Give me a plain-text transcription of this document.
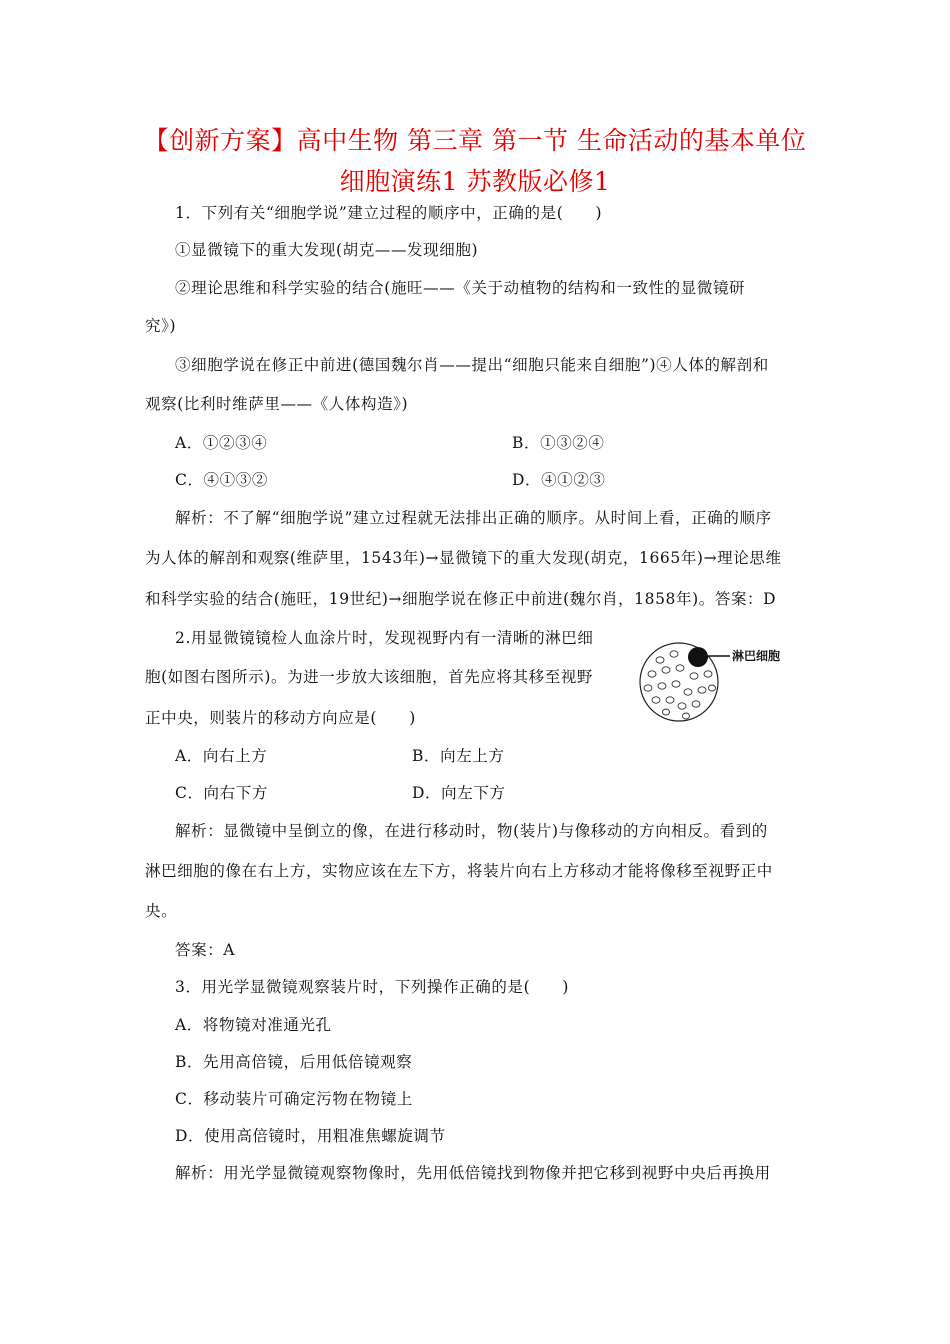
【创新方案】高中生物 第三章 第一节 生命活动的基本单位
细胞演练1 苏教版必修1
1．下列有关“细胞学说”建立过程的顺序中，正确的是(　　)
①显微镜下的重大发现(胡克——发现细胞)
②理论思维和科学实验的结合(施旺——《关于动植物的结构和一致性的显微镜研
究》)
③细胞学说在修正中前进(德国魏尔肖——提出“细胞只能来自细胞”)④人体的解剖和
观察(比利时维萨里——《人体构造》)
A．①②③④	B．①③②④
C．④①③②	D．④①②③
解析：不了解“细胞学说”建立过程就无法排出正确的顺序。从时间上看，正确的顺序
为人体的解剖和观察(维萨里，1543年)→显微镜下的重大发现(胡克，1665年)→理论思维
和科学实验的结合(施旺，19世纪)→细胞学说在修正中前进(魏尔肖，1858年)。答案：D
2.用显微镜镜检人血涂片时，发现视野内有一清晰的淋巴细
胞(如图右图所示)。为进一步放大该细胞，首先应将其移至视野
正中央，则装片的移动方向应是(　　)
淋巴细胞
A．向右上方	B．向左上方
C．向右下方	D．向左下方
解析：显微镜中呈倒立的像，在进行移动时，物(装片)与像移动的方向相反。看到的
淋巴细胞的像在右上方，实物应该在左下方，将装片向右上方移动才能将像移至视野正中
央。
答案：A
3．用光学显微镜观察装片时，下列操作正确的是(　　)
A．将物镜对准通光孔
B．先用高倍镜，后用低倍镜观察
C．移动装片可确定污物在物镜上
D．使用高倍镜时，用粗准焦螺旋调节
解析：用光学显微镜观察物像时，先用低倍镜找到物像并把它移到视野中央后再换用
